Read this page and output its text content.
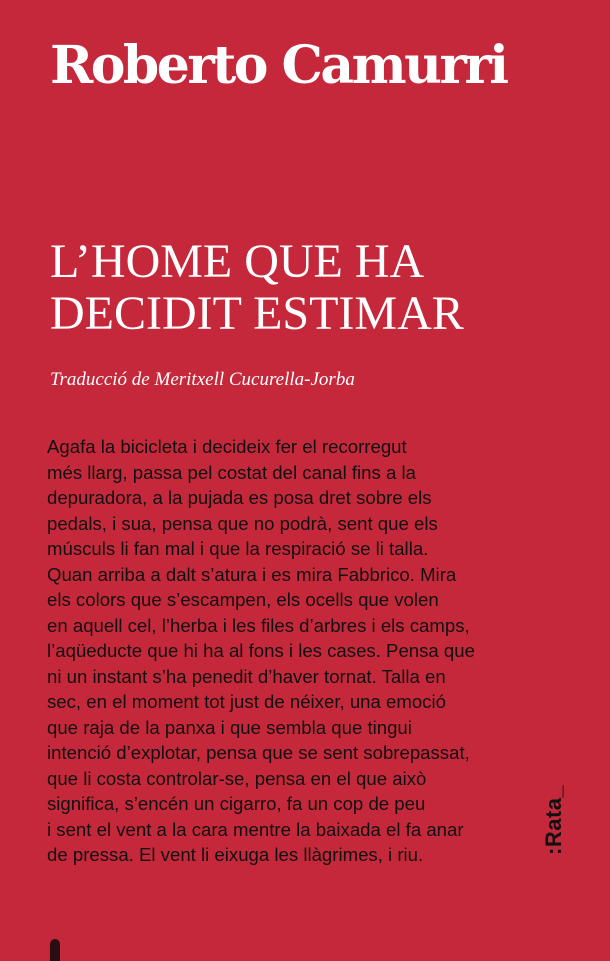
Roberto Camurri
L’HOME QUE HA
DECIDIT ESTIMAR
Traducció de Meritxell Cucurella-Jorba
Agafa la bicicleta i decideix fer el recorregut
més llarg, passa pel costat del canal fins a la
depuradora, a la pujada es posa dret sobre els
pedals, i sua, pensa que no podrà, sent que els
músculs li fan mal i que la respiració se li talla.
Quan arriba a dalt s’atura i es mira Fabbrico. Mira
els colors que s’escampen, els ocells que volen
en aquell cel, l’herba i les files d’arbres i els camps,
l’aqüeducte que hi ha al fons i les cases. Pensa que
ni un instant s’ha penedit d’haver tornat. Talla en
sec, en el moment tot just de néixer, una emoció
que raja de la panxa i que sembla que tingui
intenció d’explotar, pensa que se sent sobrepassat,
que li costa controlar-se, pensa en el que això
significa, s’encén un cigarro, fa un cop de peu
i sent el vent a la cara mentre la baixada el fa anar
de pressa. El vent li eixuga les llàgrimes, i riu.	:Rata_
